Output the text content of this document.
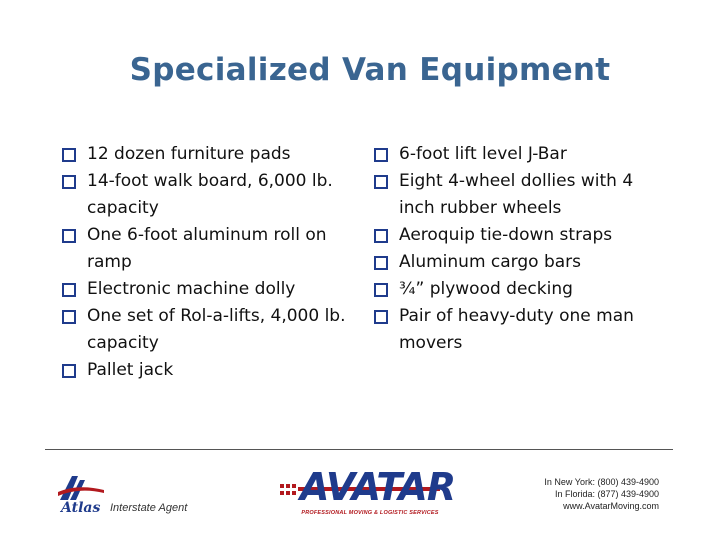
Specialized Van Equipment
12 dozen furniture pads
14-foot walk board, 6,000 lb. capacity
One 6-foot aluminum roll on ramp
Electronic machine dolly
One set of Rol-a-lifts, 4,000 lb. capacity
Pallet jack
6-foot lift level J-Bar
Eight 4-wheel dollies with 4 inch rubber wheels
Aeroquip tie-down straps
Aluminum cargo bars
¾” plywood decking
Pair of heavy-duty one man movers
Atlas Interstate Agent	AVATAR
PROFESSIONAL MOVING & LOGISTIC SERVICES
In New York: (800) 439-4900
In Florida: (877) 439-4900
www.AvatarMoving.com
